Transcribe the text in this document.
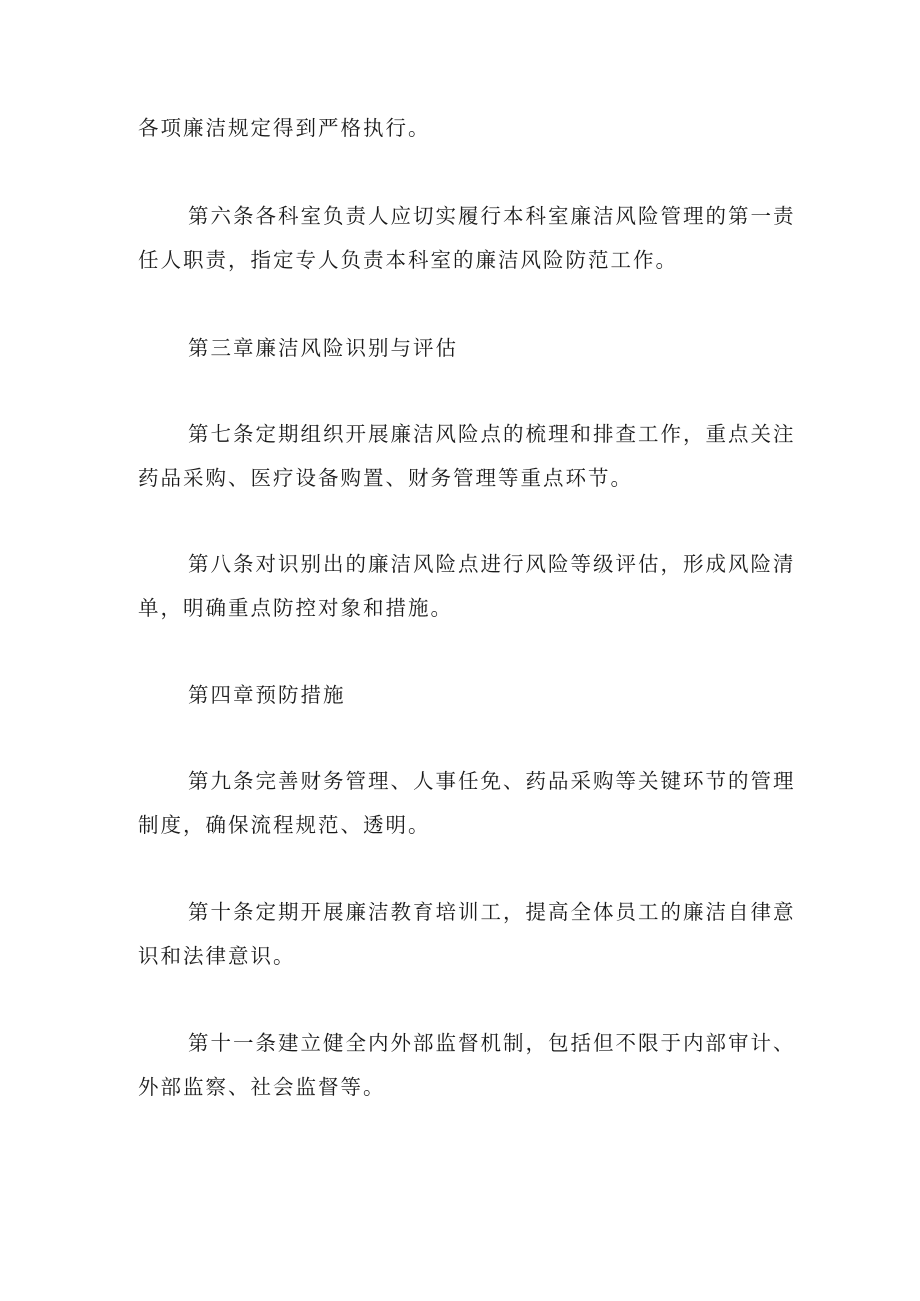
各项廉洁规定得到严格执行。

第六条各科室负责人应切实履行本科室廉洁风险管理的第一责
任人职责，指定专人负责本科室的廉洁风险防范工作。

第三章廉洁风险识别与评估

第七条定期组织开展廉洁风险点的梳理和排查工作，重点关注
药品采购、医疗设备购置、财务管理等重点环节。

第八条对识别出的廉洁风险点进行风险等级评估，形成风险清
单，明确重点防控对象和措施。

第四章预防措施

第九条完善财务管理、人事任免、药品采购等关键环节的管理
制度，确保流程规范、透明。

第十条定期开展廉洁教育培训工，提高全体员工的廉洁自律意
识和法律意识。

第十一条建立健全内外部监督机制，包括但不限于内部审计、
外部监察、社会监督等。
